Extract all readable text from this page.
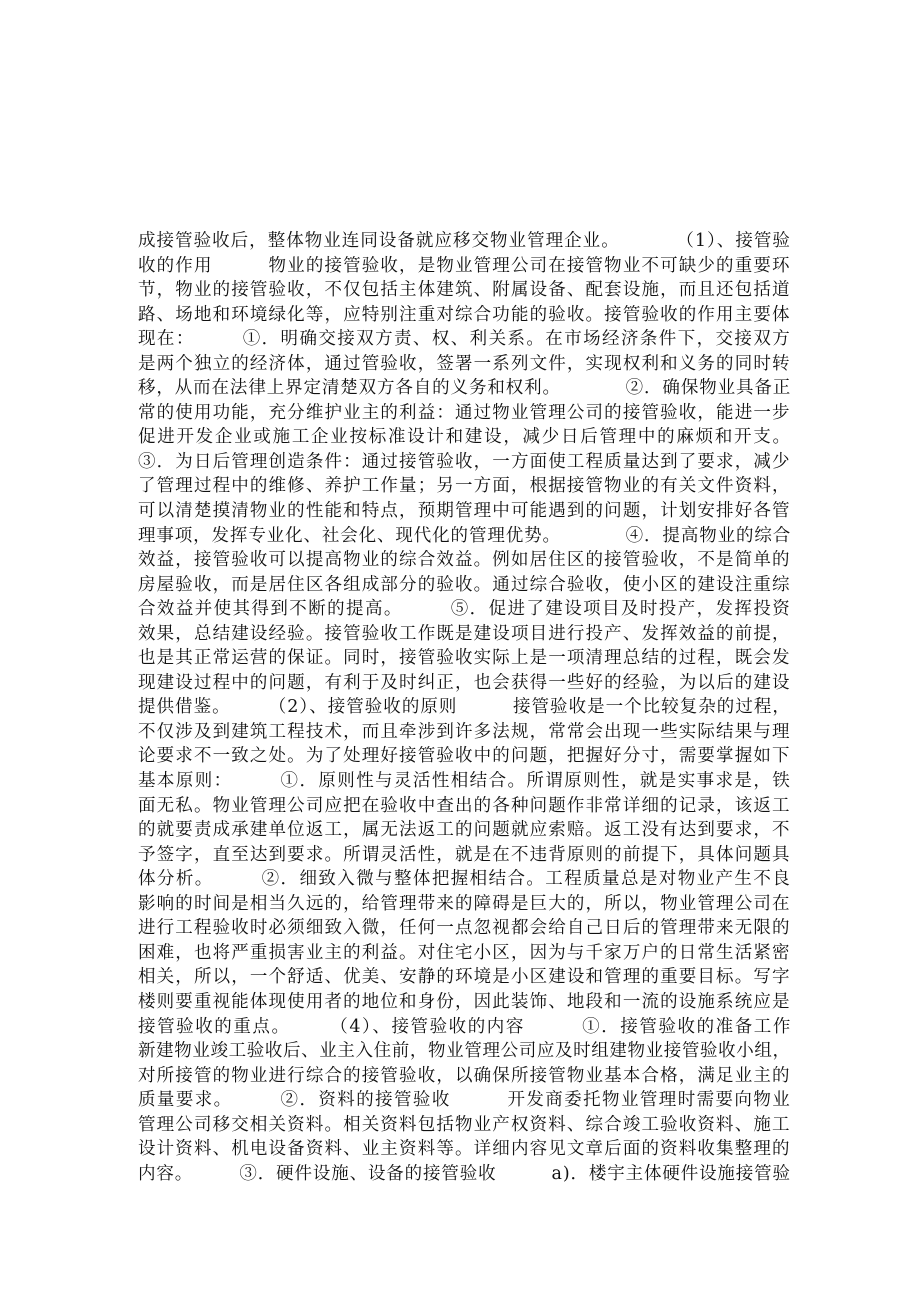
成接管验收后，整体物业连同设备就应移交物业管理企业。　　　　（1）、接管验
收的作用　　　物业的接管验收，是物业管理公司在接管物业不可缺少的重要环
节，物业的接管验收，不仅包括主体建筑、附属设备、配套设施，而且还包括道
路、场地和环境绿化等，应特别注重对综合功能的验收。接管验收的作用主要体
现在：　　　①．明确交接双方责、权、利关系。在市场经济条件下，交接双方
是两个独立的经济体，通过管验收，签署一系列文件，实现权利和义务的同时转
移，从而在法律上界定清楚双方各自的义务和权利。　　　　②．确保物业具备正
常的使用功能，充分维护业主的利益：通过物业管理公司的接管验收，能进一步
促进开发企业或施工企业按标准设计和建设，减少日后管理中的麻烦和开支。
③．为日后管理创造条件：通过接管验收，一方面使工程质量达到了要求，减少
了管理过程中的维修、养护工作量；另一方面，根据接管物业的有关文件资料，
可以清楚摸清物业的性能和特点，预期管理中可能遇到的问题，计划安排好各管
理事项，发挥专业化、社会化、现代化的管理优势。　　　　④．提高物业的综合
效益，接管验收可以提高物业的综合效益。例如居住区的接管验收，不是简单的
房屋验收，而是居住区各组成部分的验收。通过综合验收，使小区的建设注重综
合效益并使其得到不断的提高。　　　⑤．促进了建设项目及时投产，发挥投资
效果，总结建设经验。接管验收工作既是建设项目进行投产、发挥效益的前提，
也是其正常运营的保证。同时，接管验收实际上是一项清理总结的过程，既会发
现建设过程中的问题，有利于及时纠正，也会获得一些好的经验，为以后的建设
提供借鉴。　　　（2）、接管验收的原则　　　接管验收是一个比较复杂的过程，
不仅涉及到建筑工程技术，而且牵涉到许多法规，常常会出现一些实际结果与理
论要求不一致之处。为了处理好接管验收中的问题，把握好分寸，需要掌握如下
基本原则：　　　①．原则性与灵活性相结合。所谓原则性，就是实事求是，铁
面无私。物业管理公司应把在验收中查出的各种问题作非常详细的记录，该返工
的就要责成承建单位返工，属无法返工的问题就应索赔。返工没有达到要求，不
予签字，直至达到要求。所谓灵活性，就是在不违背原则的前提下，具体问题具
体分析。　　　②．细致入微与整体把握相结合。工程质量总是对物业产生不良
影响的时间是相当久远的，给管理带来的障碍是巨大的，所以，物业管理公司在
进行工程验收时必须细致入微，任何一点忽视都会给自己日后的管理带来无限的
困难，也将严重损害业主的利益。对住宅小区，因为与千家万户的日常生活紧密
相关，所以，一个舒适、优美、安静的环境是小区建设和管理的重要目标。写字
楼则要重视能体现使用者的地位和身份，因此装饰、地段和一流的设施系统应是
接管验收的重点。　　　（4）、接管验收的内容　　　①．接管验收的准备工作
新建物业竣工验收后、业主入住前，物业管理公司应及时组建物业接管验收小组，
对所接管的物业进行综合的接管验收，以确保所接管物业基本合格，满足业主的
质量要求。　　　②．资料的接管验收　　　开发商委托物业管理时需要向物业
管理公司移交相关资料。相关资料包括物业产权资料、综合竣工验收资料、施工
设计资料、机电设备资料、业主资料等。详细内容见文章后面的资料收集整理的
内容。　　　③．硬件设施、设备的接管验收　　　a)．楼宇主体硬件设施接管验
